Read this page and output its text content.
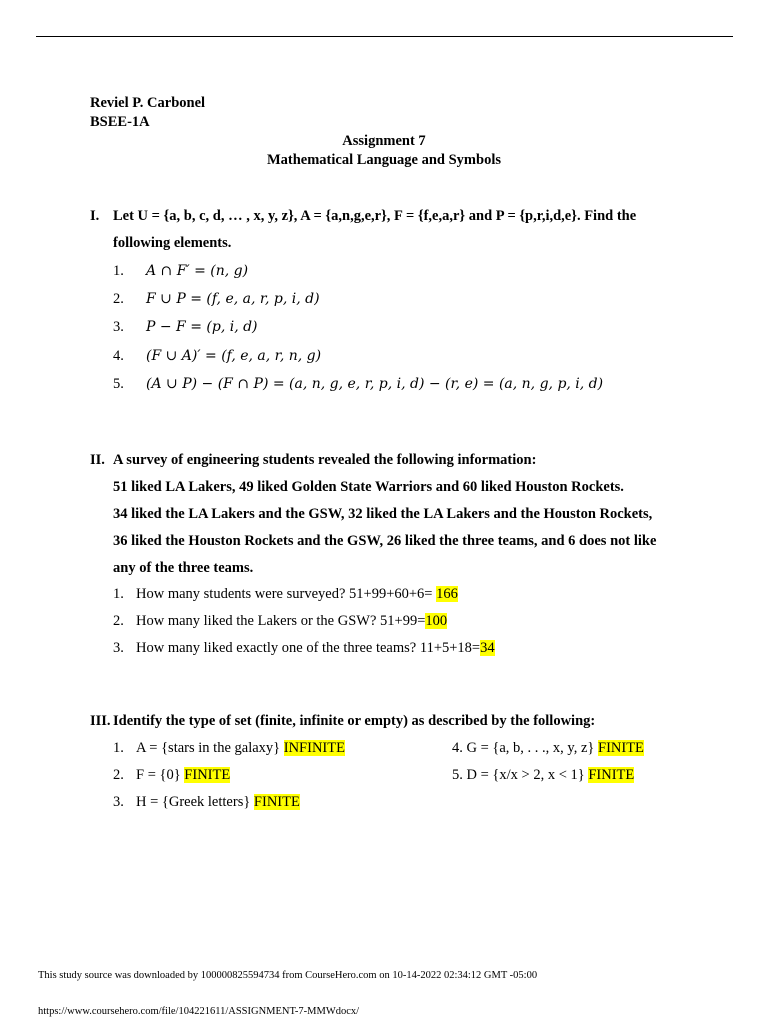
Reviel P. Carbonel
BSEE-1A
Assignment 7
Mathematical Language and Symbols
I. Let U = {a, b, c, d, … , x, y, z}, A = {a,n,g,e,r}, F = {f,e,a,r} and P = {p,r,i,d,e}. Find the
following elements.
1. A ∩ F′ = (n, g)
2. F ∪ P = (f, e, a, r, p, i, d)
3. P − F = (p, i, d)
4. (F ∪ A)′ = (f, e, a, r, n, g)
5. (A ∪ P) − (F ∩ P) = (a, n, g, e, r, p, i, d) − (r, e) = (a, n, g, p, i, d)
II. A survey of engineering students revealed the following information:
51 liked LA Lakers, 49 liked Golden State Warriors and 60 liked Houston Rockets.
34 liked the LA Lakers and the GSW, 32 liked the LA Lakers and the Houston Rockets,
36 liked the Houston Rockets and the GSW, 26 liked the three teams, and 6 does not like
any of the three teams.
1. How many students were surveyed? 51+99+60+6= 166
2. How many liked the Lakers or the GSW? 51+99=100
3. How many liked exactly one of the three teams? 11+5+18=34
III. Identify the type of set (finite, infinite or empty) as described by the following:
1. A = {stars in the galaxy} INFINITE
2. F = {0} FINITE
3. H = {Greek letters} FINITE
4. G = {a, b, . . ., x, y, z} FINITE
5. D = {x/x > 2, x < 1} FINITE
This study source was downloaded by 100000825594734 from CourseHero.com on 10-14-2022 02:34:12 GMT -05:00
https://www.coursehero.com/file/104221611/ASSIGNMENT-7-MMWdocx/
